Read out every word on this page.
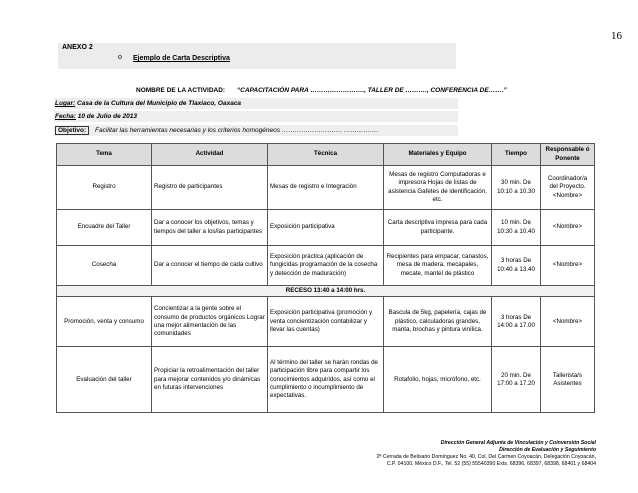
16
ANEXO 2
o Ejemplo de Carta Descriptiva
NOMBRE DE LA ACTIVIDAD: “CAPACITACIÓN PARA ……………………., TALLER DE ………., CONFERENCIA DE…….”
Lugar: Casa de la Cultura del Municipio de Tlaxiaco, Oaxaca
Fecha: 10 de Julio de 2013
Objetivo: Facilitar las herramientas necesarias y los criterios homogéneos ………………………. …………….
Tema	Actividad	Técnica	Materiales y Equipo	Tiempo	Responsable ó Ponente
Registro	Registro de participantes	Mesas de registro e Integración	Mesas de registro Computadoras e impresora Hojas de listas de asistencia Gafetes de identificación, etc.	30 min. De 10:10 a 10.30	Coordinador/a del Proyecto. <Nombre>
Encuadre del Taller	Dar a conocer los objetivos, temas y tiempos del taller a los/las participantes	Exposición participativa	Carta descriptiva impresa para cada participante.	10 min. De 10:30 a 10.40	<Nombre>
Cosecha	Dar a conocer el tiempo de cada cultivo	Exposición práctica (aplicación de fungicidas programación de la cosecha y detección de maduración)	Recipientes para empacar, canastos, mesa de madera, mecapales, mecate, mantel de plástico	3 horas De 10:40 a 13.40	<Nombre>
RECESO 13:40 a 14:00 hrs.					
Promoción, venta y consumo	Concientizar a la gente sobre el consumo de productos orgánicos Lograr una mejor alimentación de las comunidades	Exposición participativa (promoción y venta concientización contabilizar y llevar las cuentas)	Bascula de 5kg, papelería, cajas de plástico, calculadoras grandes, manta, brochas y pintura vinílica.	3 horas De 14:00 a 17.00	<Nombre>
Evaluación del taller	Propiciar la retroalimentación del taller para mejorar contenidos y/o dinámicas en futuras intervenciones	Al término del taller se harán rondas de participación libre para compartir los conocimientos adquiridos, así como el cumplimiento o incumplimiento de expectativas.	Rotafolio, hojas, micrófono, etc.	20 min. De 17:00 a 17.20	Tallerista/s Asistentes
Dirección General Adjunta de Vinculación y Coinversión Social
Dirección de Evaluación y Seguimiento
2ª Cerrada de Belisario Domínguez No. 40, Col. Del Carmen Coyoacán, Delegación Coyoacán,
C.P. 04100, México D.F., Tel. 52 (55) 55540390 Exts. 68396, 68397, 68398, 68401 y 68404
